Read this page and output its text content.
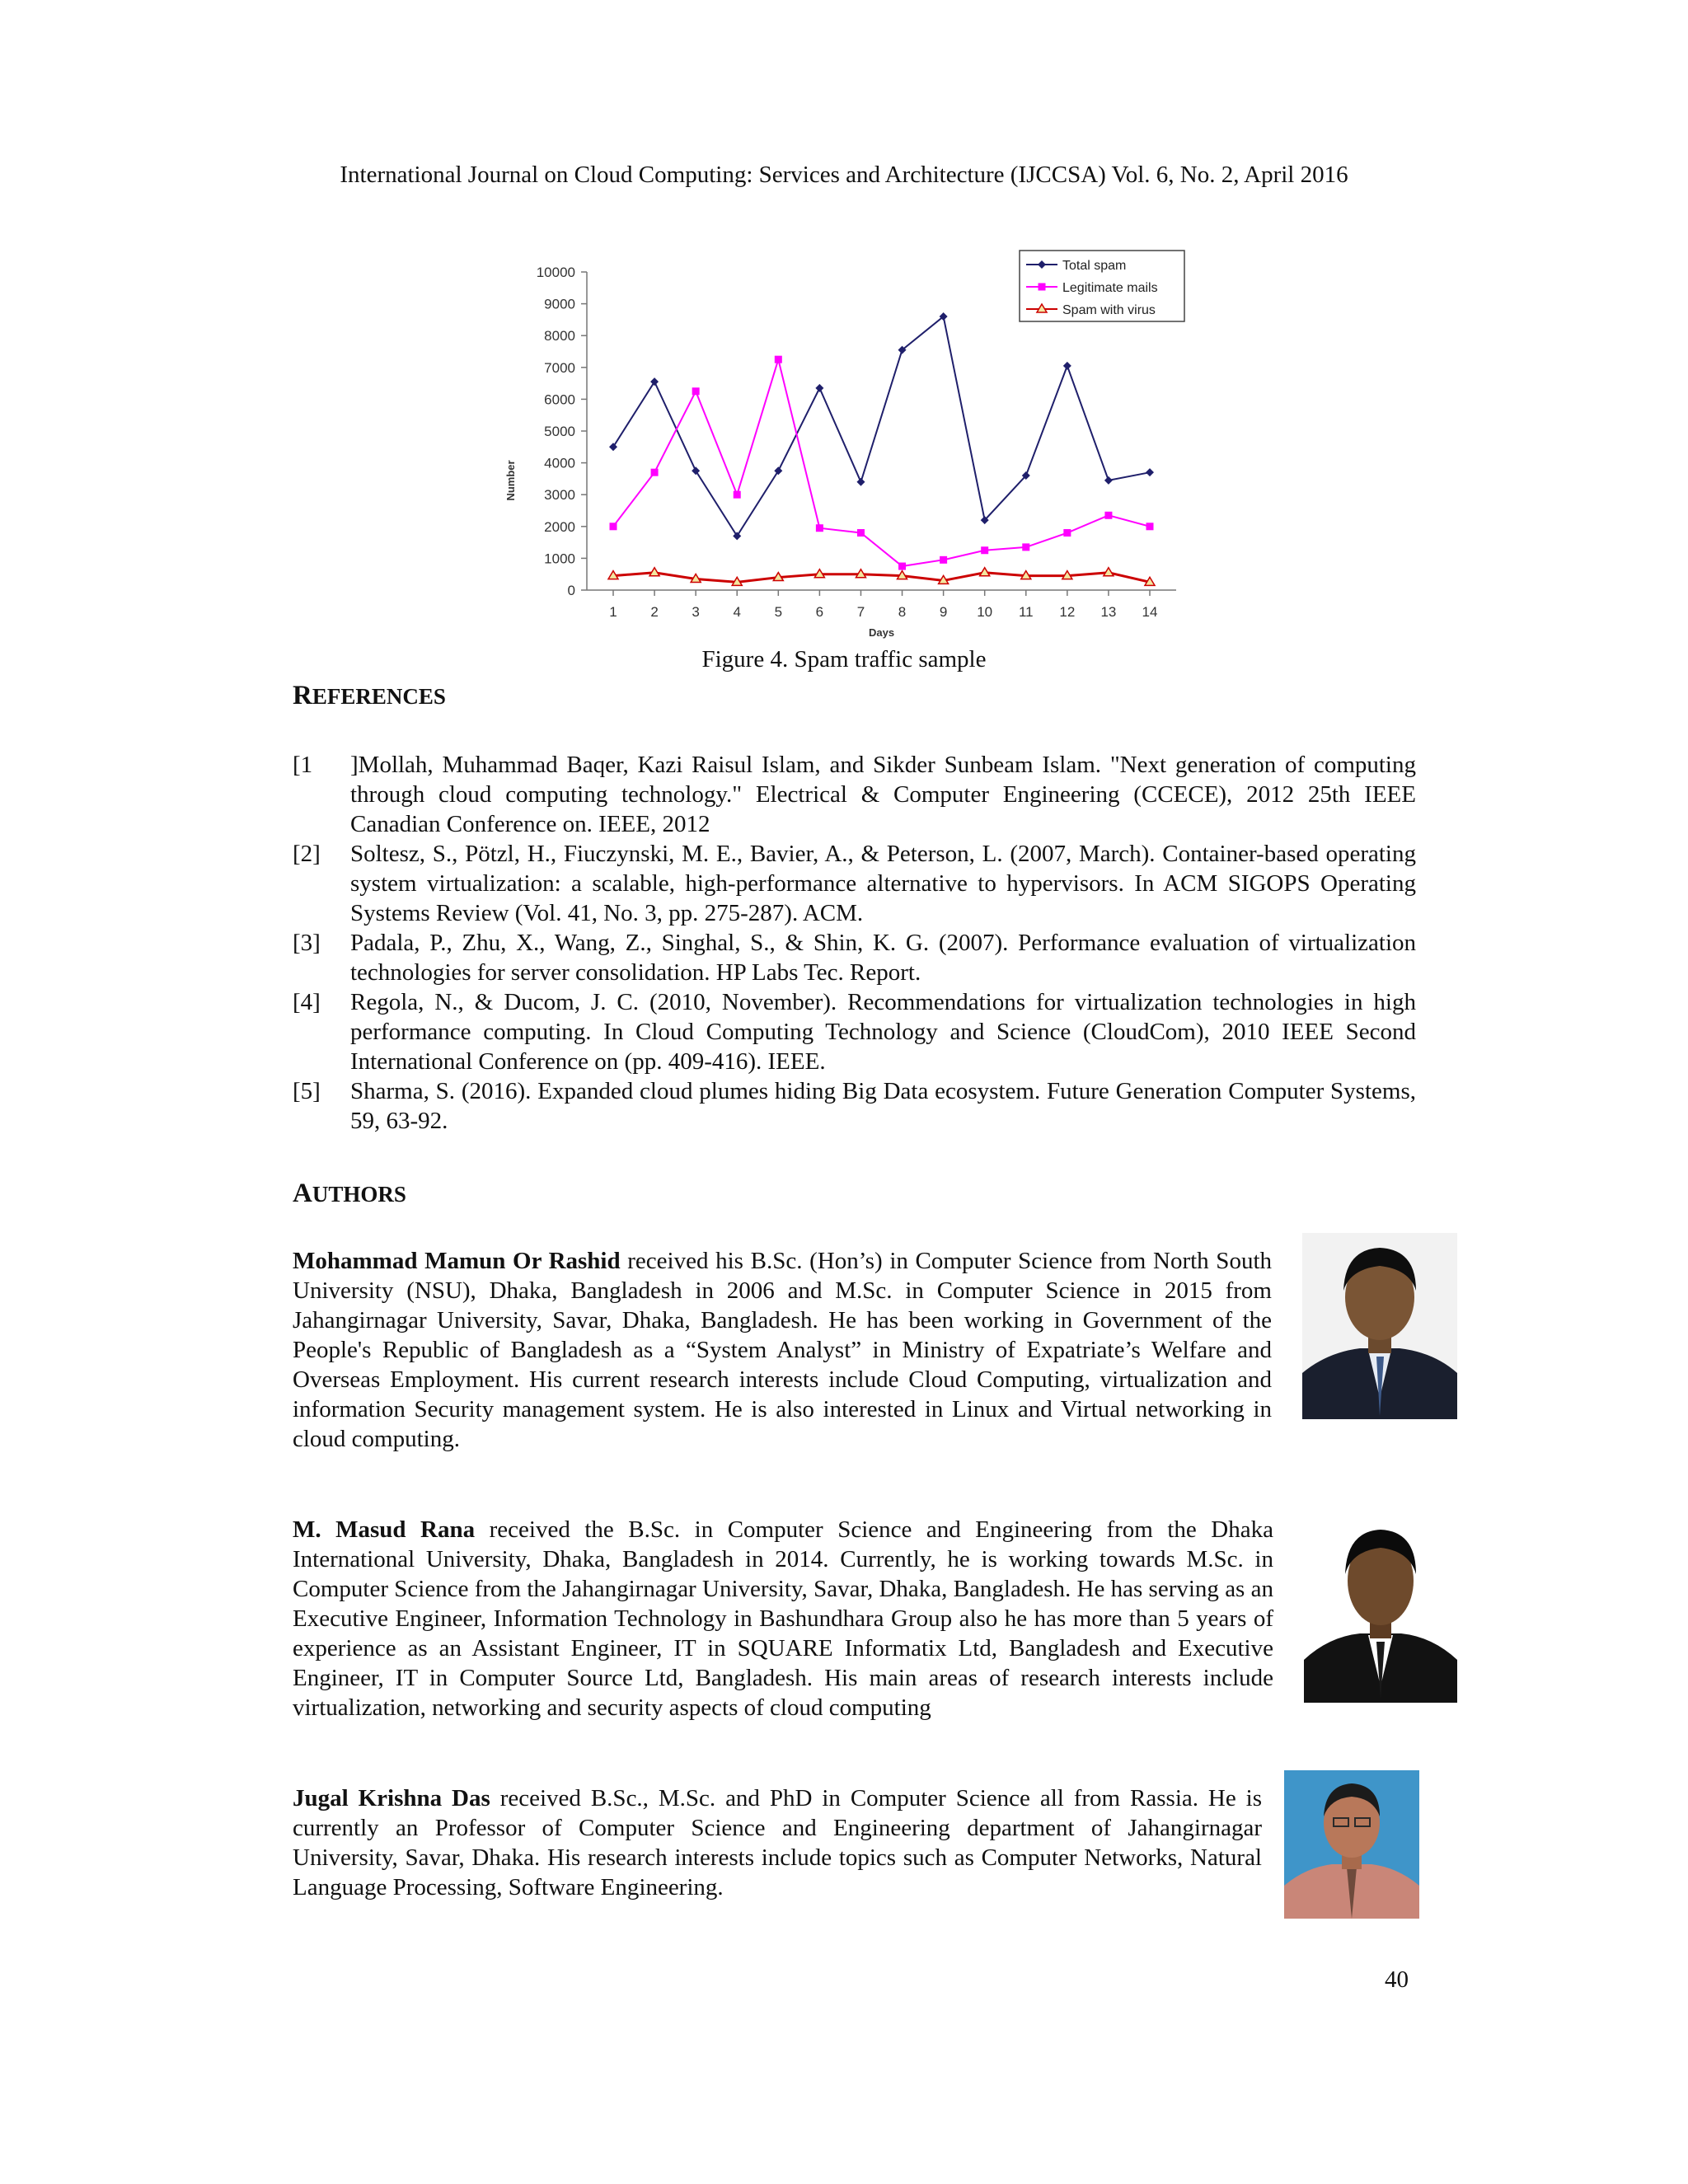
International Journal on Cloud Computing: Services and Architecture (IJCCSA) Vol. 6, No. 2, April 2016
0
1000
2000
3000
4000
5000
6000
7000
8000
9000
10000
1 2 3 4 5 6 7 8 9 10 11 12 13 14
Days
Number
Total spam
Legitimate mails
Spam with virus
Figure 4. Spam traffic sample
REFERENCES
[1 ]Mollah, Muhammad Baqer, Kazi Raisul Islam, and Sikder Sunbeam Islam. "Next generation of computing through cloud computing technology." Electrical & Computer Engineering (CCECE), 2012 25th IEEE Canadian Conference on. IEEE, 2012
[2] Soltesz, S., Pötzl, H., Fiuczynski, M. E., Bavier, A., & Peterson, L. (2007, March). Container-based operating system virtualization: a scalable, high-performance alternative to hypervisors. In ACM SIGOPS Operating Systems Review (Vol. 41, No. 3, pp. 275-287). ACM.
[3] Padala, P., Zhu, X., Wang, Z., Singhal, S., & Shin, K. G. (2007). Performance evaluation of virtualization technologies for server consolidation. HP Labs Tec. Report.
[4] Regola, N., & Ducom, J. C. (2010, November). Recommendations for virtualization technologies in high performance computing. In Cloud Computing Technology and Science (CloudCom), 2010 IEEE Second International Conference on (pp. 409-416). IEEE.
[5] Sharma, S. (2016). Expanded cloud plumes hiding Big Data ecosystem. Future Generation Computer Systems, 59, 63-92.
AUTHORS
Mohammad Mamun Or Rashid received his B.Sc. (Hon’s) in Computer Science from North South University (NSU), Dhaka, Bangladesh in 2006 and M.Sc. in Computer Science in 2015 from Jahangirnagar University, Savar, Dhaka, Bangladesh. He has been working in Government of the People's Republic of Bangladesh as a “System Analyst” in Ministry of Expatriate’s Welfare and Overseas Employment. His current research interests include Cloud Computing, virtualization and information Security management system. He is also interested in Linux and Virtual networking in cloud computing.
M. Masud Rana received the B.Sc. in Computer Science and Engineering from the Dhaka International University, Dhaka, Bangladesh in 2014. Currently, he is working towards M.Sc. in Computer Science from the Jahangirnagar University, Savar, Dhaka, Bangladesh. He has serving as an Executive Engineer, Information Technology in Bashundhara Group also he has more than 5 years of experience as an Assistant Engineer, IT in SQUARE Informatix Ltd, Bangladesh and Executive Engineer, IT in Computer Source Ltd, Bangladesh. His main areas of research interests include virtualization, networking and security aspects of cloud computing
Jugal Krishna Das received B.Sc., M.Sc. and PhD in Computer Science all from Rassia. He is currently an Professor of Computer Science and Engineering department of Jahangirnagar University, Savar, Dhaka. His research interests include topics such as Computer Networks, Natural Language Processing, Software Engineering.
40
